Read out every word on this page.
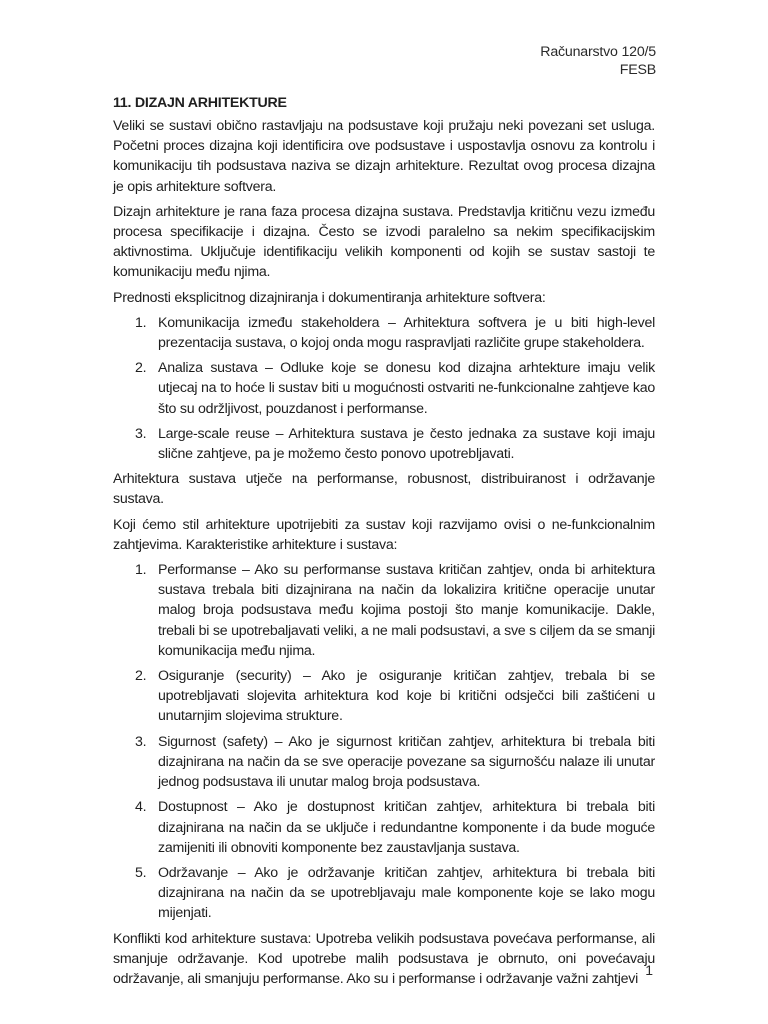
Računarstvo 120/5
FESB
11. DIZAJN ARHITEKTURE

Veliki se sustavi obično rastavljaju na podsustave koji pružaju neki povezani set usluga. Početni proces dizajna koji identificira ove podsustave i uspostavlja osnovu za kontrolu i komunikaciju tih podsustava naziva se dizajn arhitekture. Rezultat ovog procesa dizajna je opis arhitekture softvera.

Dizajn arhitekture je rana faza procesa dizajna sustava. Predstavlja kritičnu vezu između procesa specifikacije i dizajna. Često se izvodi paralelno sa nekim specifikacijskim aktivnostima. Uključuje identifikaciju velikih komponenti od kojih se sustav sastoji te komunikaciju među njima.

Prednosti eksplicitnog dizajniranja i dokumentiranja arhitekture softvera:

1. Komunikacija između stakeholdera – Arhitektura softvera je u biti high-level prezentacija sustava, o kojoj onda mogu raspravljati različite grupe stakeholdera.
2. Analiza sustava – Odluke koje se donesu kod dizajna arhtekture imaju velik utjecaj na to hoće li sustav biti u mogućnosti ostvariti ne-funkcionalne zahtjeve kao što su održljivost, pouzdanost i performanse.
3. Large-scale reuse – Arhitektura sustava je često jednaka za sustave koji imaju slične zahtjeve, pa je možemo često ponovo upotrebljavati.

Arhitektura sustava utječe na performanse, robusnost, distribuiranost i održavanje sustava.

Koji ćemo stil arhitekture upotrijebiti za sustav koji razvijamo ovisi o ne-funkcionalnim zahtjevima. Karakteristike arhitekture i sustava:

1. Performanse – Ako su performanse sustava kritičan zahtjev, onda bi arhitektura sustava trebala biti dizajnirana na način da lokalizira kritične operacije unutar malog broja podsustava među kojima postoji što manje komunikacije. Dakle, trebali bi se upotrebaljavati veliki, a ne mali podsustavi, a sve s ciljem da se smanji komunikacija među njima.
2. Osiguranje (security) – Ako je osiguranje kritičan zahtjev, trebala bi se upotrebljavati slojevita arhitektura kod koje bi kritični odsječci bili zaštićeni u unutarnjim slojevima strukture.
3. Sigurnost (safety) – Ako je sigurnost kritičan zahtjev, arhitektura bi trebala biti dizajnirana na način da se sve operacije povezane sa sigurnošću nalaze ili unutar jednog podsustava ili unutar malog broja podsustava.
4. Dostupnost – Ako je dostupnost kritičan zahtjev, arhitektura bi trebala biti dizajnirana na način da se uključe i redundantne komponente i da bude moguće zamijeniti ili obnoviti komponente bez zaustavljanja sustava.
5. Održavanje – Ako je održavanje kritičan zahtjev, arhitektura bi trebala biti dizajnirana na način da se upotrebljavaju male komponente koje se lako mogu mijenjati.

Konflikti kod arhitekture sustava: Upotreba velikih podsustava povećava performanse, ali smanjuje održavanje. Kod upotrebe malih podsustava je obrnuto, oni povećavaju održavanje, ali smanjuju performanse. Ako su i performanse i održavanje važni zahtjevi

1
